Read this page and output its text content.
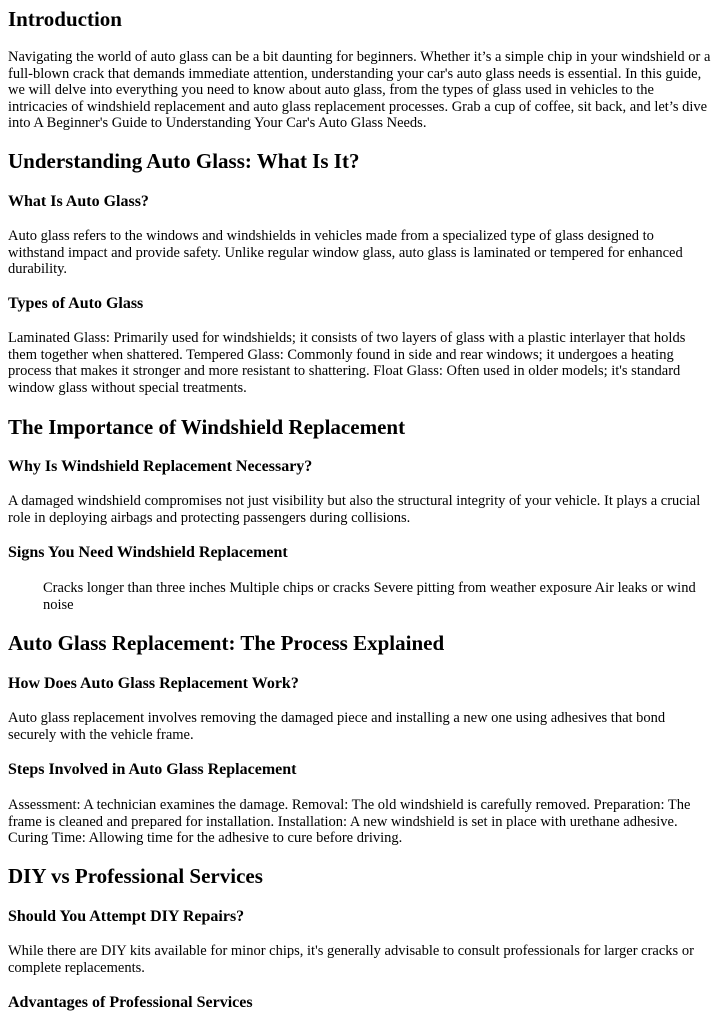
Introduction

Navigating the world of auto glass can be a bit daunting for beginners. Whether it’s a simple chip in your windshield or a full-blown crack that demands immediate attention, understanding your car's auto glass needs is essential. In this guide, we will delve into everything you need to know about auto glass, from the types of glass used in vehicles to the intricacies of windshield replacement and auto glass replacement processes. Grab a cup of coffee, sit back, and let’s dive into A Beginner's Guide to Understanding Your Car's Auto Glass Needs.

Understanding Auto Glass: What Is It?
What Is Auto Glass?

Auto glass refers to the windows and windshields in vehicles made from a specialized type of glass designed to withstand impact and provide safety. Unlike regular window glass, auto glass is laminated or tempered for enhanced durability.

Types of Auto Glass

Laminated Glass: Primarily used for windshields; it consists of two layers of glass with a plastic interlayer that holds them together when shattered. Tempered Glass: Commonly found in side and rear windows; it undergoes a heating process that makes it stronger and more resistant to shattering. Float Glass: Often used in older models; it's standard window glass without special treatments.

The Importance of Windshield Replacement
Why Is Windshield Replacement Necessary?

A damaged windshield compromises not just visibility but also the structural integrity of your vehicle. It plays a crucial role in deploying airbags and protecting passengers during collisions.

Signs You Need Windshield Replacement

Cracks longer than three inches Multiple chips or cracks Severe pitting from weather exposure Air leaks or wind noise

Auto Glass Replacement: The Process Explained
How Does Auto Glass Replacement Work?

Auto glass replacement involves removing the damaged piece and installing a new one using adhesives that bond securely with the vehicle frame.

Steps Involved in Auto Glass Replacement

Assessment: A technician examines the damage. Removal: The old windshield is carefully removed. Preparation: The frame is cleaned and prepared for installation. Installation: A new windshield is set in place with urethane adhesive. Curing Time: Allowing time for the adhesive to cure before driving.

DIY vs Professional Services
Should You Attempt DIY Repairs?

While there are DIY kits available for minor chips, it's generally advisable to consult professionals for larger cracks or complete replacements.

Advantages of Professional Services
